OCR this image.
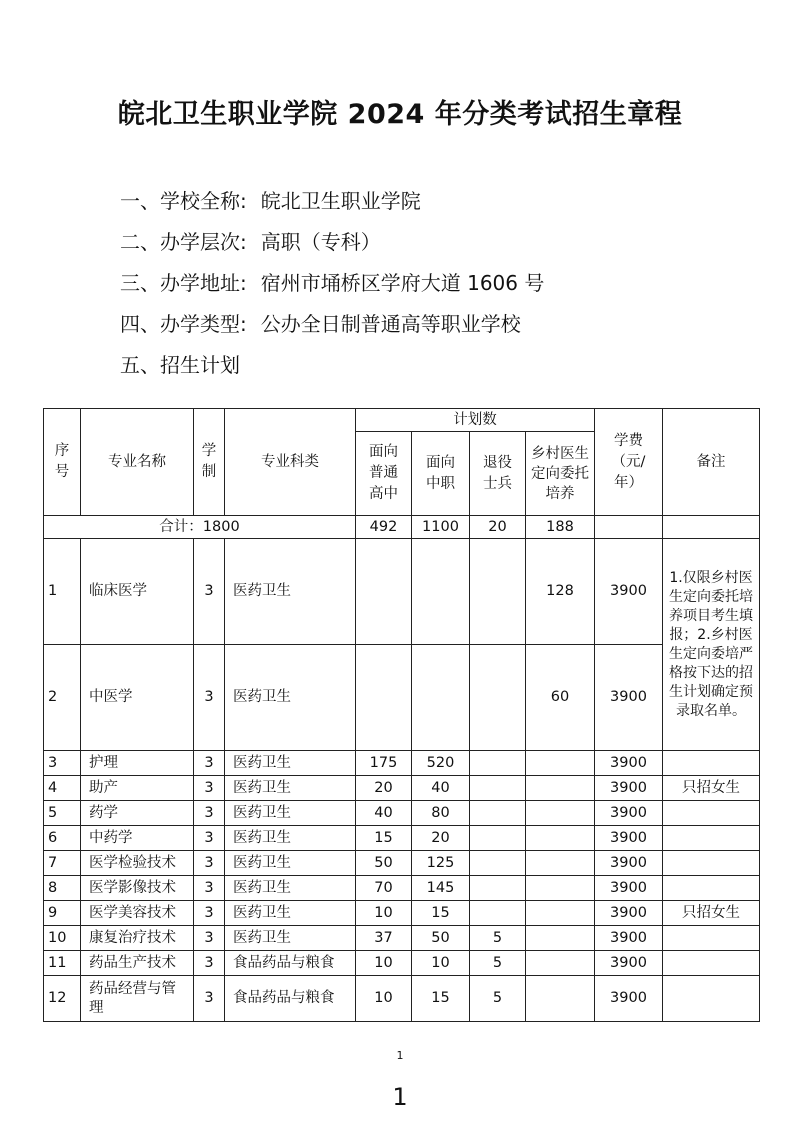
皖北卫生职业学院 2024 年分类考试招生章程
一、学校全称: 皖北卫生职业学院
二、办学层次: 高职（专科）
三、办学地址: 宿州市埇桥区学府大道 1606 号
四、办学类型: 公办全日制普通高等职业学校
五、招生计划
序号	专业名称	学制	专业科类	计划数				学费（元/年）	备注

				面向普通高中	面向中职	退役士兵	乡村医生定向委托培养		

合计：1800				492	1100	20	188		
1	临床医学	3	医药卫生				128	3900	1.仅限乡村医生定向委托培养项目考生填报；2.乡村医生定向委培严格按下达的招生计划确定预录取名单。
2	中医学	3	医药卫生				60	3900	
3	护理	3	医药卫生	175	520			3900	
4	助产	3	医药卫生	20	40			3900	只招女生
5	药学	3	医药卫生	40	80			3900	
6	中药学	3	医药卫生	15	20			3900	
7	医学检验技术	3	医药卫生	50	125			3900	
8	医学影像技术	3	医药卫生	70	145			3900	
9	医学美容技术	3	医药卫生	10	15			3900	只招女生
10	康复治疗技术	3	医药卫生	37	50	5		3900	
11	药品生产技术	3	食品药品与粮食	10	10	5		3900	
12	药品经营与管理	3	食品药品与粮食	10	15	5		3900	
1
1
